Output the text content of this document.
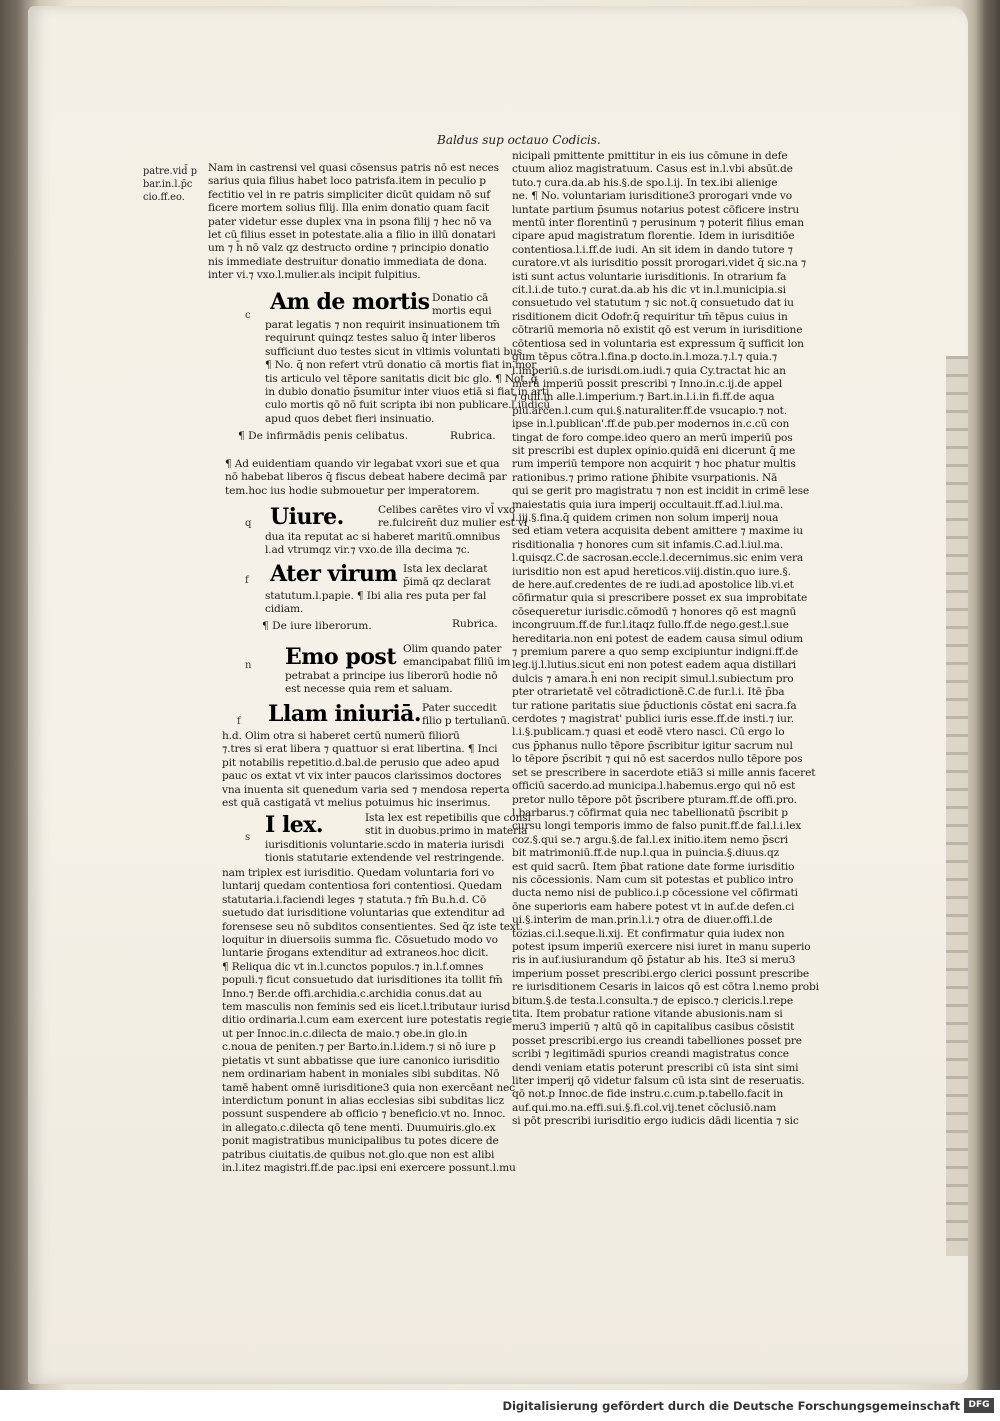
Baldus sup octauo Codicis.
patre.vid̄ p
bar.in.l.p̄c
cio.ff.eo.

Nam in castrensi vel quasi cōsensus patris nō est neces

sarius quia filius habet loco patrisfa.item in peculio p

fectitio vel in re patris simpliciter dicūt quidam nō suf

ficere mortem solius filij. Illa enim donatio quam facit

pater videtur esse duplex vna in psona filij ⁊ hec nō va

let cū filius esset in potestate.alia a filio in illū donatari

um ⁊ h̄ nō valz qz destructo ordine ⁊ principio donatio

nis immediate destruitur donatio immediata de dona.

inter vi.⁊ vxo.l.mulier.als incipit fulpitius.

Am de mortis Donatio cā

mortis equi

c

parat legatis ⁊ non requirit insinuationem tm̄

requirunt quinqz testes saluo q̄ inter liberos

sufficiunt duo testes sicut in vltimis voluntati bus.

¶ No. q̄ non refert vtrū donatio cā mortis fiat in mor

tis articulo vel tēpore sanitatis dicit bic glo. ¶ Not. q̄

in dubio donatio p̄sumitur inter viuos etiā si fiat in arti

culo mortis qō nō fuit scripta ibi non publicare.l.iudicū

apud quos debet fieri insinuatio.

¶ De infirmādis penis celibatus.	Rubrica.

¶ Ad euidentiam quando vir legabat vxori sue et qua

nō habebat liberos q̄ fiscus debeat habere decimā par

tem.hoc ius hodie submouetur per imperatorem.

Uiure.
q

Celibes carētes viro vl̄ vxo

re.fulciren̄t duz mulier est vi

dua ita reputat ac si haberet maritū.omnibus

l.ad vtrumqz vir.⁊ vxo.de illa decima ⁊c.

Ater virum
f

Ista lex declarat

p̄imā qz declarat

statutum.l.papie. ¶ Ibi alia res puta per fal

cidiam.

¶ De iure liberorum.	Rubrica.
Emo post
n

Olim quando pater

emancipabat filiū im

petrabat a principe ius liberorū hodie nō

est necesse quia rem et saluam.

Llam iniuriā.
f

Pater succedit

filio p tertulianū.

h.d. Olim otra si haberet certū numerū filiorū

⁊.tres si erat libera ⁊ quattuor si erat libertina. ¶ Inci

pit notabilis repetitio.d.bal.de perusio que adeo apud

pauc os extat vt vix inter paucos clarissimos doctores

vna inuenta sit quenedum varia sed ⁊ mendosa reperta

est quā castigatā vt melius potuimus hic inserimus.

I lex.
s

Ista lex est repetibilis que consi

stit in duobus.primo in materia

iurisditionis voluntarie.scdo in materia iurisdi

tionis statutarie extendende vel restringende.

nam triplex est iurisditio. Quedam voluntaria fori vo

luntarij quedam contentiosa fori contentiosi. Quedam

statutaria.i.faciendi leges ⁊ statuta.⁊ fm̄ Bu.h.d. Cō

suetudo dat iurisditione voluntarias que extenditur ad

forensese seu nō subditos consentientes. Sed q̄z iste text.

loquitur in diuersoiis summa fic. Cōsuetudo modo vo

luntarie p̄rogans extenditur ad extraneos.hoc dicit.

¶ Reliqua dic vt in.l.cunctos populos.⁊ in.l.f.omnes

populi.⁊ ficut consuetudo dat iurisditiones ita tollit fm̄

Inno.⁊ Ber.de offi.archidia.c.archidia conus.dat au

tem masculis non feminis sed eis licet.l.tributaur iurisd

ditio ordinaria.l.cum eam exercent iure potestatis regie

ut per Innoc.in.c.dilecta de maio.⁊ obe.in glo.in

c.noua de peniten.⁊ per Barto.in.l.idem.⁊ si nō iure p

pietatis vt sunt abbatisse que iure canonico iurisditio

nem ordinariam habent in moniales sibi subditas. Nō

tamē habent omnē iurisditione3 quia non exercēant nec

interdictum ponunt in alias ecclesias sibi subditas licz

possunt suspendere ab officio ⁊ beneficio.vt no. Innoc.

in allegato.c.dilecta qō tene menti. Duumuiris.glo.ex

ponit magistratibus municipalibus tu potes dicere de

patribus ciuitatis.de quibus not.glo.que non est alibi

in.l.itez magistri.ff.de pac.ipsi eni exercere possunt.l.mu

nicipali pmittente pmittitur in eis ius cōmune in defe

ctuum alioz magistratuum. Casus est in.l.vbi absūt.de

tuto.⁊ cura.da.ab his.§.de spo.l.ij. In tex.ibi alienige

ne. ¶ No. voluntariam iurisditione3 prorogari vnde vo

luntate partium p̄sumus notarius potest cōficere instru

mentū inter florentinū ⁊ perusinum ⁊ poterit filius eman

cipare apud magistratum florentie. Idem in iurisditiōe

contentiosa.l.i.ff.de iudi. An sit idem in dando tutore ⁊

curatore.vt als iurisditio possit prorogari.videt q̄ sic.na ⁊

isti sunt actus voluntarie iurisditionis. In otrarium fa

cit.l.i.de tuto.⁊ curat.da.ab his dic vt in.l.municipia.si

consuetudo vel statutum ⁊ sic not.q̄ consuetudo dat iu

risditionem dicit Odofr.q̄ requiritur tm̄ tēpus cuius in

cōtrariū memoria nō existit qō est verum in iurisditione

cōtentiosa sed in voluntaria est expressum q̄ sufficit lon

gum tēpus cōtra.l.fina.p docto.in.l.moza.⁊.l.⁊ quia.⁊

l.imperiū.s.de iurisdi.om.iudi.⁊ quia Cy.tractat hic an

merū imperiū possit prescribi ⁊ Inno.in.c.ij.de appel

⁊ guil.in alle.l.imperium.⁊ Bart.in.l.i.in fi.ff.de aqua

plu.arcen.l.cum qui.§.naturaliter.ff.de vsucapio.⁊ not.

ipse in.l.publican'.ff.de pub.per modernos in.c.cū con

tingat de foro compe.ideo quero an merū imperiū pos

sit prescribi est duplex opinio.quidā eni dicerunt q̄ me

rum imperiū tempore non acquirit ⁊ hoc phatur multis

rationibus.⁊ primo ratione p̄hibite vsurpationis. Nā

qui se gerit pro magistratu ⁊ non est incidit in crimē lese

maiestatis quia iura imperij occultauit.ff.ad.l.iul.ma.

l.iij.§.fina.q̄ quidem crimen non solum imperij noua

sed etiam vetera acquisita debent amittere ⁊ maxime iu

risditionalia ⁊ honores cum sit infamis.C.ad.l.iul.ma.

l.quisqz.C.de sacrosan.eccle.l.decernimus.sic enim vera

iurisditio non est apud hereticos.viij.distin.quo iure.§.

de here.auf.credentes de re iudi.ad apostolice lib.vi.et

cōfirmatur quia si prescribere posset ex sua improbitate

cōsequeretur iurisdic.cōmodū ⁊ honores qō est magnū

incongruum.ff.de fur.l.itaqz fullo.ff.de nego.gest.l.sue

hereditaria.non eni potest de eadem causa simul odium

⁊ premium parere a quo semp excipiuntur indigni.ff.de

leg.ij.l.lutius.sicut eni non potest eadem aqua distillari

dulcis ⁊ amara.h̄ eni non recipit simul.l.subiectum pro

pter otrarietatē vel cōtradictionē.C.de fur.l.i. Itē p̄ba

tur ratione paritatis siue p̄ductionis cōstat eni sacra.fa

cerdotes ⁊ magistrat' publici iuris esse.ff.de insti.⁊ iur.

l.i.§.publicam.⁊ quasi et eodē vtero nasci. Cū ergo lo

cus p̄phanus nullo tēpore p̄scribitur igitur sacrum nul

lo tēpore p̄scribit ⁊ qui nō est sacerdos nullo tēpore pos

set se prescribere in sacerdote etiā3 si mille annis faceret

officiū sacerdo.ad municipa.l.habemus.ergo qui nō est

pretor nullo tēpore pōt p̄scribere pturam.ff.de offi.pro.

l.barbarus.⁊ cōfirmat quia nec tabellionatū p̄scribit p

cursu longi temporis immo de falso punit.ff.de fal.l.i.lex

coz.§.qui se.⁊ argu.§.de fal.l.ex initio.item nemo p̄scri

bit matrimoniū.ff.de nup.l.qua in puincia.§.diuus.qz

est quid sacrū. Item p̄bat ratione date forme iurisditio

nis cōcessionis. Nam cum sit potestas et publico intro

ducta nemo nisi de publico.i.p cōcessione vel cōfirmati

ōne superioris eam habere potest vt in auf.de defen.ci

ui.§.interim de man.prin.l.i.⁊ otra de diuer.offi.l.de

tozias.ci.l.seque.li.xij. Et confirmatur quia iudex non

potest ipsum imperiū exercere nisi iuret in manu superio

ris in auf.iusiurandum qō p̄statur ab his. Ite3 si meru3

imperium posset prescribi.ergo clerici possunt prescribe

re iurisditionem Cesaris in laicos qō est cōtra l.nemo probi

bitum.§.de testa.l.consulta.⁊ de episco.⁊ clericis.l.repe

tita. Item probatur ratione vitande abusionis.nam si

meru3 imperiū ⁊ altū qō in capitalibus casibus cōsistit

posset prescribi.ergo ius creandi tabelliones posset pre

scribi ⁊ legitimādi spurios creandi magistratus conce

dendi veniam etatis poterunt prescribi cū ista sint simi

liter imperij qō videtur falsum cū ista sint de reseruatis.

qō not.p Innoc.de fide instru.c.cum.p.tabello.facit in

auf.qui.mo.na.effi.sui.§.fi.col.vij.tenet cōclusiō.nam

si pōt prescribi iurisditio ergo iudicis dādi licentia ⁊ sic

Digitalisierung gefördert durch die Deutsche Forschungsgemeinschaft DFG
